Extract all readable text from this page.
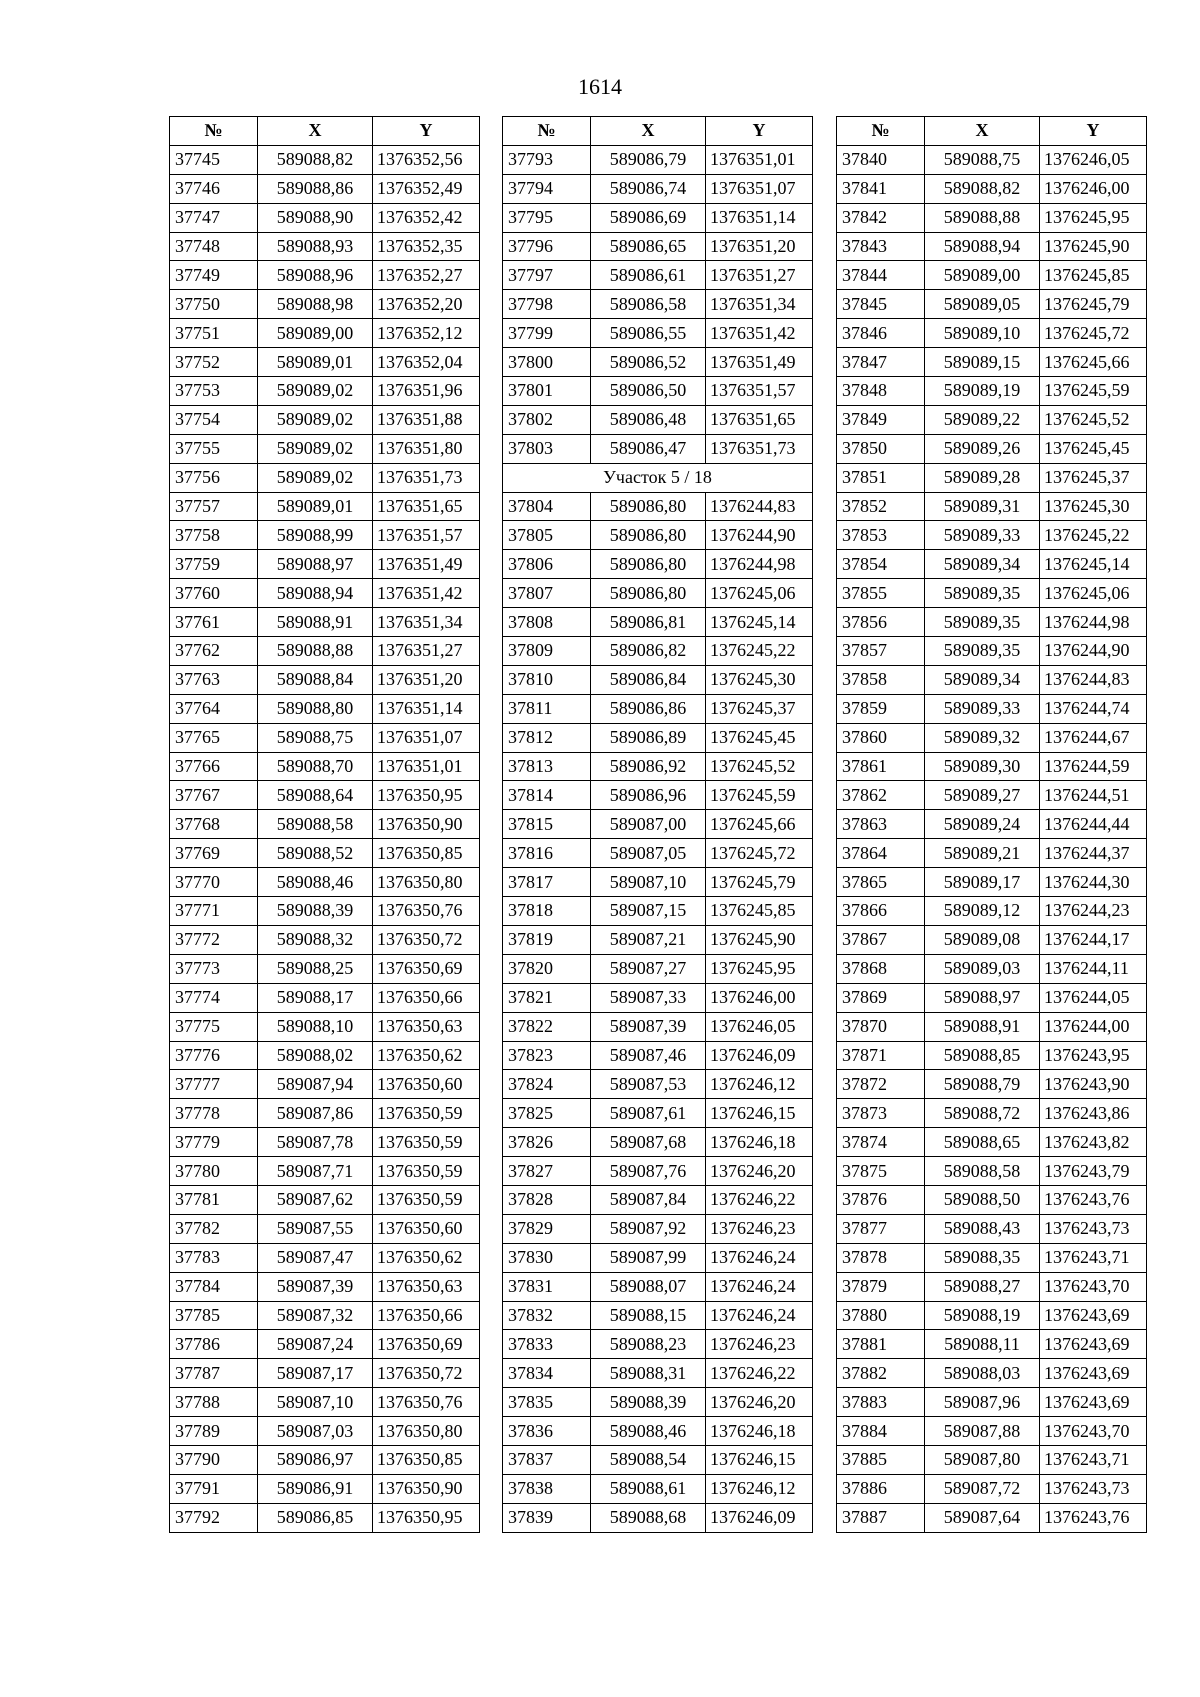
1614
№	X	Y
37745	589088,82	1376352,56
37746	589088,86	1376352,49
37747	589088,90	1376352,42
37748	589088,93	1376352,35
37749	589088,96	1376352,27
37750	589088,98	1376352,20
37751	589089,00	1376352,12
37752	589089,01	1376352,04
37753	589089,02	1376351,96
37754	589089,02	1376351,88
37755	589089,02	1376351,80
37756	589089,02	1376351,73
37757	589089,01	1376351,65
37758	589088,99	1376351,57
37759	589088,97	1376351,49
37760	589088,94	1376351,42
37761	589088,91	1376351,34
37762	589088,88	1376351,27
37763	589088,84	1376351,20
37764	589088,80	1376351,14
37765	589088,75	1376351,07
37766	589088,70	1376351,01
37767	589088,64	1376350,95
37768	589088,58	1376350,90
37769	589088,52	1376350,85
37770	589088,46	1376350,80
37771	589088,39	1376350,76
37772	589088,32	1376350,72
37773	589088,25	1376350,69
37774	589088,17	1376350,66
37775	589088,10	1376350,63
37776	589088,02	1376350,62
37777	589087,94	1376350,60
37778	589087,86	1376350,59
37779	589087,78	1376350,59
37780	589087,71	1376350,59
37781	589087,62	1376350,59
37782	589087,55	1376350,60
37783	589087,47	1376350,62
37784	589087,39	1376350,63
37785	589087,32	1376350,66
37786	589087,24	1376350,69
37787	589087,17	1376350,72
37788	589087,10	1376350,76
37789	589087,03	1376350,80
37790	589086,97	1376350,85
37791	589086,91	1376350,90
37792	589086,85	1376350,95
№	X	Y
37793	589086,79	1376351,01
37794	589086,74	1376351,07
37795	589086,69	1376351,14
37796	589086,65	1376351,20
37797	589086,61	1376351,27
37798	589086,58	1376351,34
37799	589086,55	1376351,42
37800	589086,52	1376351,49
37801	589086,50	1376351,57
37802	589086,48	1376351,65
37803	589086,47	1376351,73
Участок 5 / 18		
37804	589086,80	1376244,83
37805	589086,80	1376244,90
37806	589086,80	1376244,98
37807	589086,80	1376245,06
37808	589086,81	1376245,14
37809	589086,82	1376245,22
37810	589086,84	1376245,30
37811	589086,86	1376245,37
37812	589086,89	1376245,45
37813	589086,92	1376245,52
37814	589086,96	1376245,59
37815	589087,00	1376245,66
37816	589087,05	1376245,72
37817	589087,10	1376245,79
37818	589087,15	1376245,85
37819	589087,21	1376245,90
37820	589087,27	1376245,95
37821	589087,33	1376246,00
37822	589087,39	1376246,05
37823	589087,46	1376246,09
37824	589087,53	1376246,12
37825	589087,61	1376246,15
37826	589087,68	1376246,18
37827	589087,76	1376246,20
37828	589087,84	1376246,22
37829	589087,92	1376246,23
37830	589087,99	1376246,24
37831	589088,07	1376246,24
37832	589088,15	1376246,24
37833	589088,23	1376246,23
37834	589088,31	1376246,22
37835	589088,39	1376246,20
37836	589088,46	1376246,18
37837	589088,54	1376246,15
37838	589088,61	1376246,12
37839	589088,68	1376246,09
№	X	Y
37840	589088,75	1376246,05
37841	589088,82	1376246,00
37842	589088,88	1376245,95
37843	589088,94	1376245,90
37844	589089,00	1376245,85
37845	589089,05	1376245,79
37846	589089,10	1376245,72
37847	589089,15	1376245,66
37848	589089,19	1376245,59
37849	589089,22	1376245,52
37850	589089,26	1376245,45
37851	589089,28	1376245,37
37852	589089,31	1376245,30
37853	589089,33	1376245,22
37854	589089,34	1376245,14
37855	589089,35	1376245,06
37856	589089,35	1376244,98
37857	589089,35	1376244,90
37858	589089,34	1376244,83
37859	589089,33	1376244,74
37860	589089,32	1376244,67
37861	589089,30	1376244,59
37862	589089,27	1376244,51
37863	589089,24	1376244,44
37864	589089,21	1376244,37
37865	589089,17	1376244,30
37866	589089,12	1376244,23
37867	589089,08	1376244,17
37868	589089,03	1376244,11
37869	589088,97	1376244,05
37870	589088,91	1376244,00
37871	589088,85	1376243,95
37872	589088,79	1376243,90
37873	589088,72	1376243,86
37874	589088,65	1376243,82
37875	589088,58	1376243,79
37876	589088,50	1376243,76
37877	589088,43	1376243,73
37878	589088,35	1376243,71
37879	589088,27	1376243,70
37880	589088,19	1376243,69
37881	589088,11	1376243,69
37882	589088,03	1376243,69
37883	589087,96	1376243,69
37884	589087,88	1376243,70
37885	589087,80	1376243,71
37886	589087,72	1376243,73
37887	589087,64	1376243,76
